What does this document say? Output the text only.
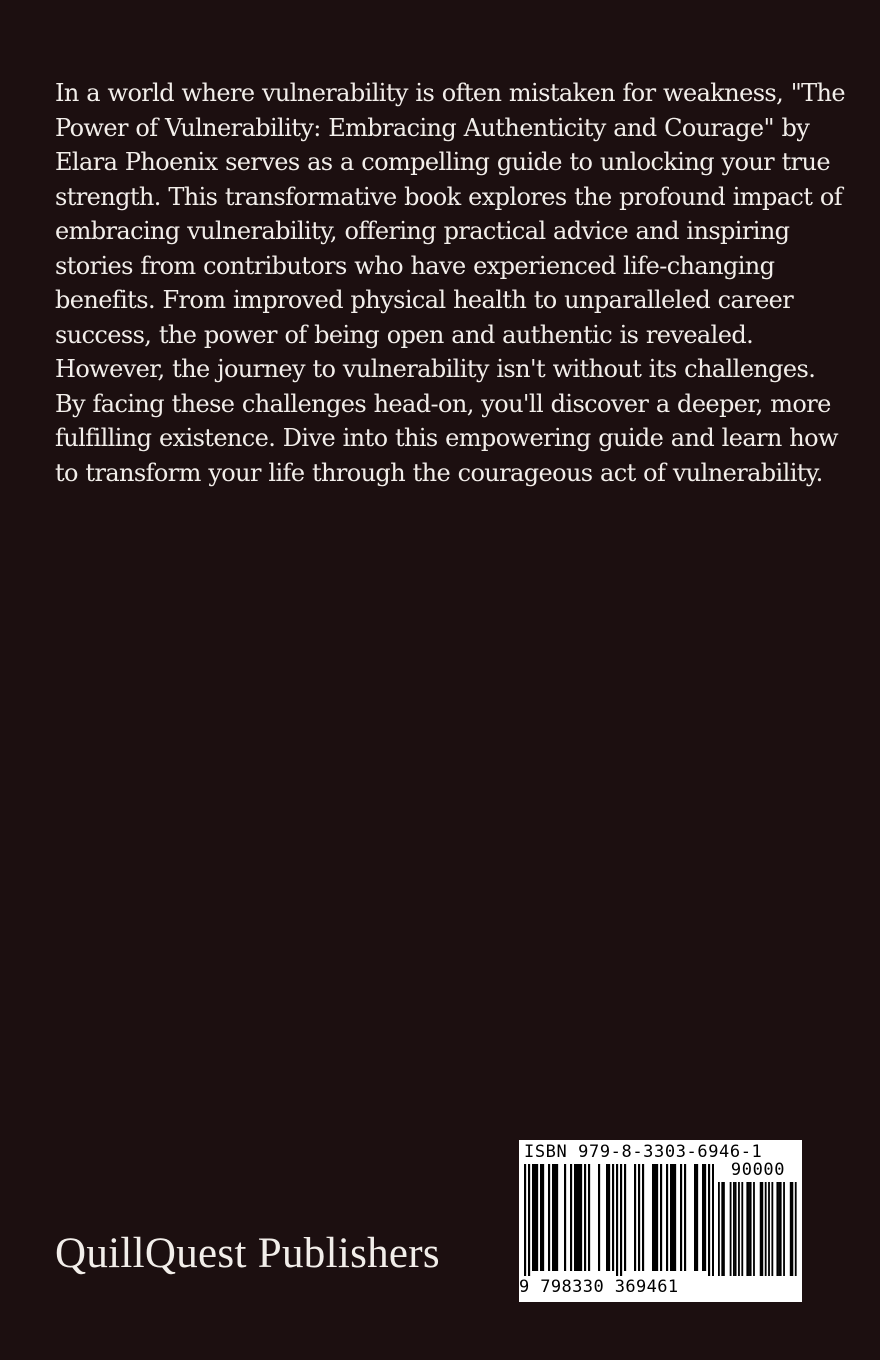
In a world where vulnerability is often mistaken for weakness, "The Power of Vulnerability: Embracing Authenticity and Courage" by Elara Phoenix serves as a compelling guide to unlocking your true strength. This transformative book explores the profound impact of embracing vulnerability, offering practical advice and inspiring stories from contributors who have experienced life-changing benefits. From improved physical health to unparalleled career success, the power of being open and authentic is revealed. However, the journey to vulnerability isn't without its challenges. By facing these challenges head-on, you'll discover a deeper, more fulfilling existence. Dive into this empowering guide and learn how to transform your life through the courageous act of vulnerability.

QuillQuest Publishers
ISBN 979-8-3303-6946-1
90000
9 798330 369461
